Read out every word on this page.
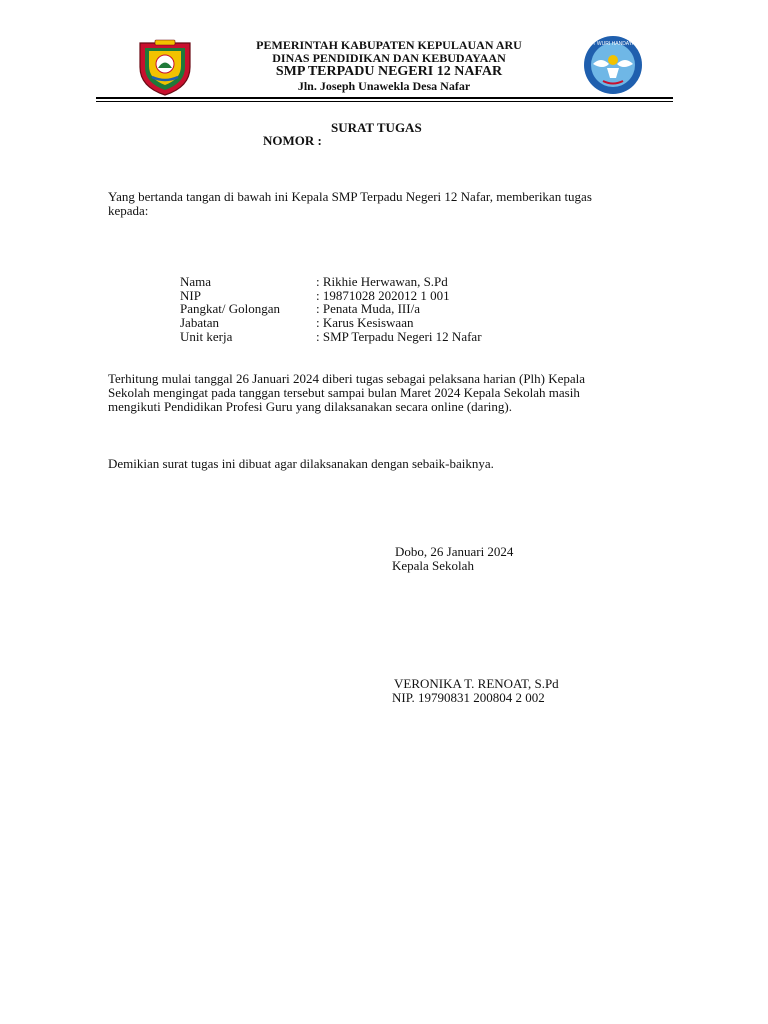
PEMERINTAH KABUPATEN KEPULAUAN ARU
DINAS PENDIDIKAN DAN KEBUDAYAAN
SMP TERPADU NEGERI 12 NAFAR
Jln. Joseph Unawekla Desa Nafar
TUT WURI HANDAYANI
SURAT TUGAS
NOMOR :
Yang bertanda tangan di bawah ini Kepala SMP Terpadu Negeri 12 Nafar, memberikan tugas
kepada:
Nama	: Rikhie Herwawan, S.Pd
NIP	: 19871028 202012 1 001
Pangkat/ Golongan	: Penata Muda, III/a
Jabatan	: Karus Kesiswaan
Unit kerja	: SMP Terpadu Negeri 12 Nafar
Terhitung mulai tanggal 26 Januari 2024 diberi tugas sebagai pelaksana harian (Plh) Kepala
Sekolah mengingat pada tanggan tersebut sampai bulan Maret 2024 Kepala Sekolah masih
mengikuti Pendidikan Profesi Guru yang dilaksanakan secara online (daring).
Demikian surat tugas ini dibuat agar dilaksanakan dengan sebaik-baiknya.
Dobo, 26 Januari 2024
Kepala Sekolah
VERONIKA T. RENOAT, S.Pd
NIP. 19790831 200804 2 002
